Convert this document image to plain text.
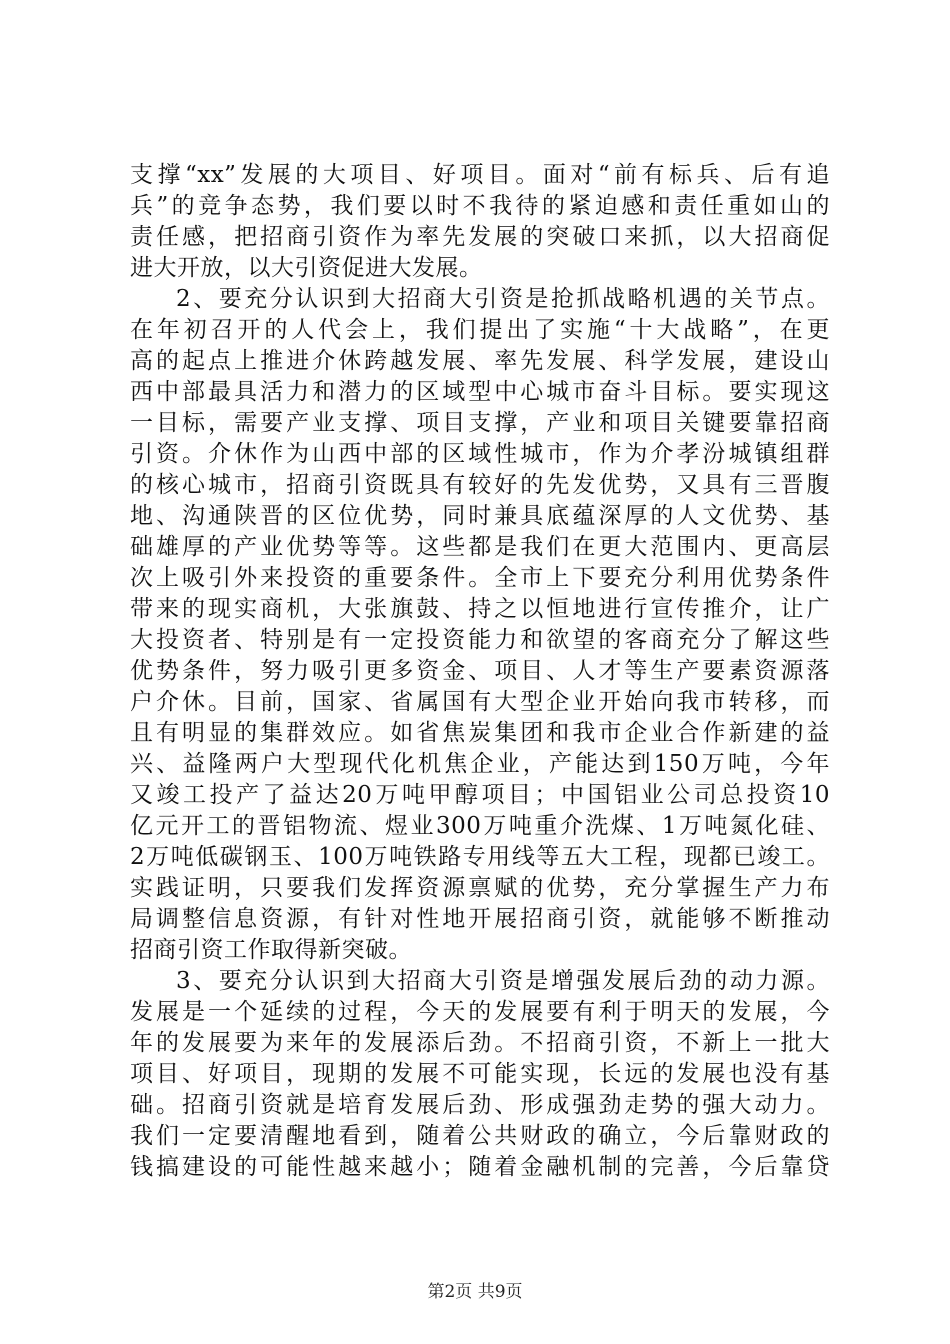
支撑“xx”发展的大项目、好项目。面对“前有标兵、后有追
兵”的竞争态势，我们要以时不我待的紧迫感和责任重如山的
责任感，把招商引资作为率先发展的突破口来抓，以大招商促
进大开放，以大引资促进大发展。
2、要充分认识到大招商大引资是抢抓战略机遇的关节点。
在年初召开的人代会上，我们提出了实施“十大战略”，在更
高的起点上推进介休跨越发展、率先发展、科学发展，建设山
西中部最具活力和潜力的区域型中心城市奋斗目标。要实现这
一目标，需要产业支撑、项目支撑，产业和项目关键要靠招商
引资。介休作为山西中部的区域性城市，作为介孝汾城镇组群
的核心城市，招商引资既具有较好的先发优势，又具有三晋腹
地、沟通陕晋的区位优势，同时兼具底蕴深厚的人文优势、基
础雄厚的产业优势等等。这些都是我们在更大范围内、更高层
次上吸引外来投资的重要条件。全市上下要充分利用优势条件
带来的现实商机，大张旗鼓、持之以恒地进行宣传推介，让广
大投资者、特别是有一定投资能力和欲望的客商充分了解这些
优势条件，努力吸引更多资金、项目、人才等生产要素资源落
户介休。目前，国家、省属国有大型企业开始向我市转移，而
且有明显的集群效应。如省焦炭集团和我市企业合作新建的益
兴、益隆两户大型现代化机焦企业，产能达到150万吨，今年
又竣工投产了益达20万吨甲醇项目；中国铝业公司总投资10
亿元开工的晋铝物流、煜业300万吨重介洗煤、1万吨氮化硅、
2万吨低碳钢玉、100万吨铁路专用线等五大工程，现都已竣工。
实践证明，只要我们发挥资源禀赋的优势，充分掌握生产力布
局调整信息资源，有针对性地开展招商引资，就能够不断推动
招商引资工作取得新突破。
3、要充分认识到大招商大引资是增强发展后劲的动力源。
发展是一个延续的过程，今天的发展要有利于明天的发展，今
年的发展要为来年的发展添后劲。不招商引资，不新上一批大
项目、好项目，现期的发展不可能实现，长远的发展也没有基
础。招商引资就是培育发展后劲、形成强劲走势的强大动力。
我们一定要清醒地看到，随着公共财政的确立，今后靠财政的
钱搞建设的可能性越来越小；随着金融机制的完善，今后靠贷
第2页 共9页
